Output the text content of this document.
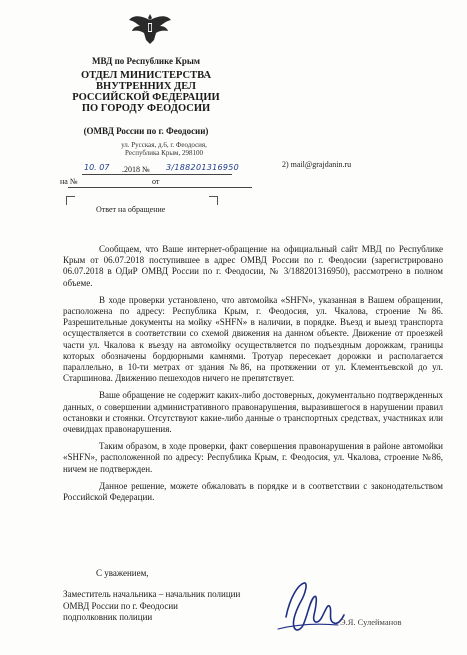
МВД по Республике Крым
ОТДЕЛ МИНИСТЕРСТВА
ВНУТРЕННИХ ДЕЛ
РОССИЙСКОЙ ФЕДЕРАЦИИ
ПО ГОРОДУ ФЕОДОСИИ
(ОМВД России по г. Феодосии)
ул. Русская, д.6, г. Феодосия,
Республика Крым, 298100
10. 07 .2018 № 3/188201316950
на №	от
2) mail@grajdanin.ru
Ответ на обращение

Сообщаем, что Ваше интернет-обращение на официальный сайт МВД по Республике Крым от 06.07.2018 поступившее в адрес ОМВД России по г. Феодосии (зарегистрировано 06.07.2018 в ОДиР ОМВД России по г. Феодосии, № 3/188201316950), рассмотрено в полном объеме.

В ходе проверки установлено, что автомойка «SHFN», указанная в Вашем обращении, расположена по адресу: Республика Крым, г. Феодосия, ул. Чкалова, строение №86. Разрешительные документы на мойку «SHFN» в наличии, в порядке. Въезд и выезд транспорта осуществляется в соответствии со схемой движения на данном объекте. Движение от проезжей части ул. Чкалова к въезду на автомойку осуществляется по подъездным дорожкам, границы которых обозначены бордюрными камнями. Тротуар пересекает дорожки и располагается параллельно, в 10-ти метрах от здания №86, на протяжении от ул. Клементьевской до ул. Старшинова. Движению пешеходов ничего не препятствует.

Ваше обращение не содержит каких-либо достоверных, документально подтвержденных данных, о совершении административного правонарушения, выразившегося в нарушении правил остановки и стоянки. Отсутствуют какие-либо данные о транспортных средствах, участниках или очевидцах правонарушения.

Таким образом, в ходе проверки, факт совершения правонарушения в районе автомойки «SHFN», расположенной по адресу: Республика Крым, г. Феодосия, ул. Чкалова, строение №86, ничем не подтвержден.

Данное решение, можете обжаловать в порядке и в соответствии с законодательством Российской Федерации.

С уважением,
Заместитель начальника – начальник полиции
ОМВД России по г. Феодосии
подполковник полиции	Э.Я. Сулейманов
